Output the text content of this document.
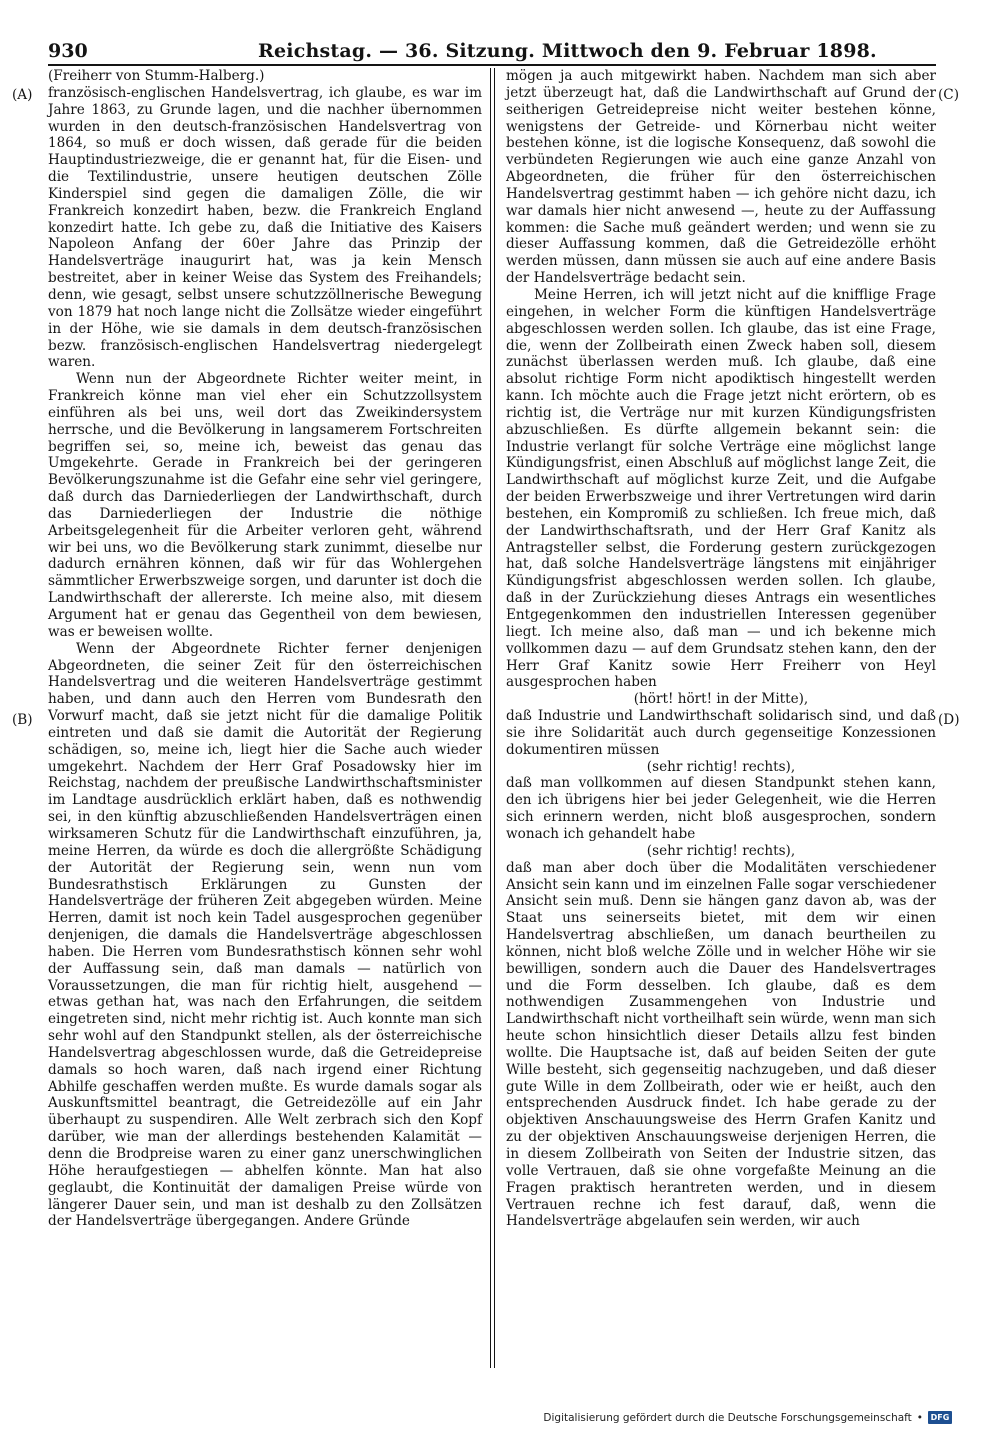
930	Reichstag. — 36. Sitzung. Mittwoch den 9. Februar 1898.
(A)
(B)
(C)
(D)

(Freiherr von Stumm-Halberg.)

französisch-englischen Handelsvertrag, ich glaube, es war im Jahre 1863, zu Grunde lagen, und die nachher übernommen wurden in den deutsch-französischen Handelsvertrag von 1864, so muß er doch wissen, daß gerade für die beiden Hauptindustriezweige, die er genannt hat, für die Eisen- und die Textilindustrie, unsere heutigen deutschen Zölle Kinderspiel sind gegen die damaligen Zölle, die wir Frankreich konzedirt haben, bezw. die Frankreich England konzedirt hatte. Ich gebe zu, daß die Initiative des Kaisers Napoleon Anfang der 60er Jahre das Prinzip der Handelsverträge inaugurirt hat, was ja kein Mensch bestreitet, aber in keiner Weise das System des Freihandels; denn, wie gesagt, selbst unsere schutzzöllnerische Bewegung von 1879 hat noch lange nicht die Zollsätze wieder eingeführt in der Höhe, wie sie damals in dem deutsch-französischen bezw. französisch-englischen Handelsvertrag niedergelegt waren.

Wenn nun der Abgeordnete Richter weiter meint, in Frankreich könne man viel eher ein Schutzzollsystem einführen als bei uns, weil dort das Zweikindersystem herrsche, und die Bevölkerung in langsamerem Fortschreiten begriffen sei, so, meine ich, beweist das genau das Umgekehrte. Gerade in Frankreich bei der geringeren Bevölkerungszunahme ist die Gefahr eine sehr viel geringere, daß durch das Darniederliegen der Landwirthschaft, durch das Darniederliegen der Industrie die nöthige Arbeitsgelegenheit für die Arbeiter verloren geht, während wir bei uns, wo die Bevölkerung stark zunimmt, dieselbe nur dadurch ernähren können, daß wir für das Wohlergehen sämmtlicher Erwerbszweige sorgen, und darunter ist doch die Landwirthschaft der allererste. Ich meine also, mit diesem Argument hat er genau das Gegentheil von dem bewiesen, was er beweisen wollte.

Wenn der Abgeordnete Richter ferner denjenigen Abgeordneten, die seiner Zeit für den österreichischen Handelsvertrag und die weiteren Handelsverträge gestimmt haben, und dann auch den Herren vom Bundesrath den Vorwurf macht, daß sie jetzt nicht für die damalige Politik eintreten und daß sie damit die Autorität der Regierung schädigen, so, meine ich, liegt hier die Sache auch wieder umgekehrt. Nachdem der Herr Graf Posadowsky hier im Reichstag, nachdem der preußische Landwirthschaftsminister im Landtage ausdrücklich erklärt haben, daß es nothwendig sei, in den künftig abzuschließenden Handelsverträgen einen wirksameren Schutz für die Landwirthschaft einzuführen, ja, meine Herren, da würde es doch die allergrößte Schädigung der Autorität der Regierung sein, wenn nun vom Bundesrathstisch Erklärungen zu Gunsten der Handelsverträge der früheren Zeit abgegeben würden. Meine Herren, damit ist noch kein Tadel ausgesprochen gegenüber denjenigen, die damals die Handelsverträge abgeschlossen haben. Die Herren vom Bundesrathstisch können sehr wohl der Auffassung sein, daß man damals — natürlich von Voraussetzungen, die man für richtig hielt, ausgehend — etwas gethan hat, was nach den Erfahrungen, die seitdem eingetreten sind, nicht mehr richtig ist. Auch konnte man sich sehr wohl auf den Standpunkt stellen, als der österreichische Handelsvertrag abgeschlossen wurde, daß die Getreidepreise damals so hoch waren, daß nach irgend einer Richtung Abhilfe geschaffen werden mußte. Es wurde damals sogar als Auskunftsmittel beantragt, die Getreidezölle auf ein Jahr überhaupt zu suspendiren. Alle Welt zerbrach sich den Kopf darüber, wie man der allerdings bestehenden Kalamität — denn die Brodpreise waren zu einer ganz unerschwinglichen Höhe heraufgestiegen — abhelfen könnte. Man hat also geglaubt, die Kontinuität der damaligen Preise würde von längerer Dauer sein, und man ist deshalb zu den Zollsätzen der Handelsverträge übergegangen. Andere Gründe

mögen ja auch mitgewirkt haben. Nachdem man sich aber jetzt überzeugt hat, daß die Landwirthschaft auf Grund der seitherigen Getreidepreise nicht weiter bestehen könne, wenigstens der Getreide- und Körnerbau nicht weiter bestehen könne, ist die logische Konsequenz, daß sowohl die verbündeten Regierungen wie auch eine ganze Anzahl von Abgeordneten, die früher für den österreichischen Handelsvertrag gestimmt haben — ich gehöre nicht dazu, ich war damals hier nicht anwesend —, heute zu der Auffassung kommen: die Sache muß geändert werden; und wenn sie zu dieser Auffassung kommen, daß die Getreidezölle erhöht werden müssen, dann müssen sie auch auf eine andere Basis der Handelsverträge bedacht sein.

Meine Herren, ich will jetzt nicht auf die knifflige Frage eingehen, in welcher Form die künftigen Handelsverträge abgeschlossen werden sollen. Ich glaube, das ist eine Frage, die, wenn der Zollbeirath einen Zweck haben soll, diesem zunächst überlassen werden muß. Ich glaube, daß eine absolut richtige Form nicht apodiktisch hingestellt werden kann. Ich möchte auch die Frage jetzt nicht erörtern, ob es richtig ist, die Verträge nur mit kurzen Kündigungsfristen abzuschließen. Es dürfte allgemein bekannt sein: die Industrie verlangt für solche Verträge eine möglichst lange Kündigungsfrist, einen Abschluß auf möglichst lange Zeit, die Landwirthschaft auf möglichst kurze Zeit, und die Aufgabe der beiden Erwerbszweige und ihrer Vertretungen wird darin bestehen, ein Kompromiß zu schließen. Ich freue mich, daß der Landwirthschaftsrath, und der Herr Graf Kanitz als Antragsteller selbst, die Forderung gestern zurückgezogen hat, daß solche Handelsverträge längstens mit einjähriger Kündigungsfrist abgeschlossen werden sollen. Ich glaube, daß in der Zurückziehung dieses Antrags ein wesentliches Entgegenkommen den industriellen Interessen gegenüber liegt. Ich meine also, daß man — und ich bekenne mich vollkommen dazu — auf dem Grundsatz stehen kann, den der Herr Graf Kanitz sowie Herr Freiherr von Heyl ausgesprochen haben

(hört! hört! in der Mitte),

daß Industrie und Landwirthschaft solidarisch sind, und daß sie ihre Solidarität auch durch gegenseitige Konzessionen dokumentiren müssen

(sehr richtig! rechts),

daß man vollkommen auf diesen Standpunkt stehen kann, den ich übrigens hier bei jeder Gelegenheit, wie die Herren sich erinnern werden, nicht bloß ausgesprochen, sondern wonach ich gehandelt habe

(sehr richtig! rechts),

daß man aber doch über die Modalitäten verschiedener Ansicht sein kann und im einzelnen Falle sogar verschiedener Ansicht sein muß. Denn sie hängen ganz davon ab, was der Staat uns seinerseits bietet, mit dem wir einen Handelsvertrag abschließen, um danach beurtheilen zu können, nicht bloß welche Zölle und in welcher Höhe wir sie bewilligen, sondern auch die Dauer des Handelsvertrages und die Form desselben. Ich glaube, daß es dem nothwendigen Zusammengehen von Industrie und Landwirthschaft nicht vortheilhaft sein würde, wenn man sich heute schon hinsichtlich dieser Details allzu fest binden wollte. Die Hauptsache ist, daß auf beiden Seiten der gute Wille besteht, sich gegenseitig nachzugeben, und daß dieser gute Wille in dem Zollbeirath, oder wie er heißt, auch den entsprechenden Ausdruck findet. Ich habe gerade zu der objektiven Anschauungsweise des Herrn Grafen Kanitz und zu der objektiven Anschauungsweise derjenigen Herren, die in diesem Zollbeirath von Seiten der Industrie sitzen, das volle Vertrauen, daß sie ohne vorgefaßte Meinung an die Fragen praktisch herantreten werden, und in diesem Vertrauen rechne ich fest darauf, daß, wenn die Handelsverträge abgelaufen sein werden, wir auch

Digitalisierung gefördert durch die Deutsche Forschungsgemeinschaft • DFG
